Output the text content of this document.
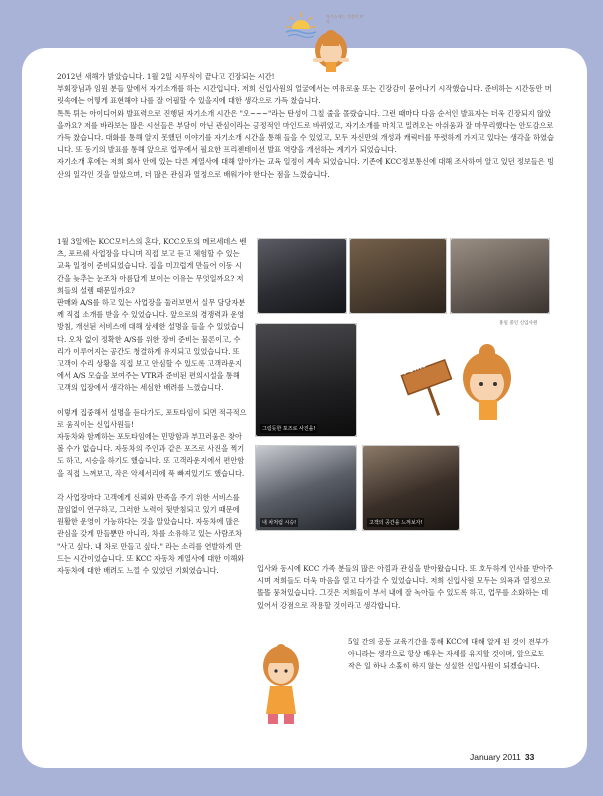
자기소개는 긴장의 연속

2012년 새해가 밝았습니다. 1월 2일 시무식이 끝나고 긴장되는 시간!

부회장님과 임원 분들 앞에서 자기소개를 하는 시간입니다. 저희 신입사원의 얼굴에서는 여유로움 또는 긴장감이 묻어나기 시작했습니다. 준비하는 시간동안 머릿속에는 어떻게 표현해야 나를 잘 어필할 수 있을지에 대한 생각으로 가득 찼습니다.

톡톡 튀는 아이디어와 발표력으로 진행된 자기소개 시간은 "오~~~"라는 탄성이 그칠 줄을 몰랐습니다. 그런 때마다 다음 순서인 발표자는 더욱 긴장되지 않았을까요? 저를 바라보는 많은 시선들은 부담이 아닌 관심이라는 긍정적인 마인드로 바뀌었고, 자기소개를 마치고 밀려오는 아쉬움과 잘 마무리했다는 안도감으로 가득 찼습니다. 대화를 통해 알지 못했던 이야기를 자기소개 시간을 통해 들을 수 있었고, 모두 자신만의 개성과 캐릭터를 뚜렷하게 가지고 있다는 생각을 하였습니다. 또 동기의 발표를 통해 앞으로 업무에서 필요한 프리젠테이션 발표 역량을 개선하는 계기가 되었습니다.

자기소개 후에는 저희 회사 안에 있는 다른 계열사에 대해 알아가는 교육 일정이 계속 되었습니다. 기존에 KCC정보통신에 대해 조사하여 알고 있던 정보들은 빙산의 일각인 것을 알았으며, 더 많은 관심과 열정으로 배워가야 한다는 점을 느꼈습니다.

1월 3일에는 KCC모터스의 혼다, KCC오토의 메르세데스 벤츠, 포르쉐 사업장을 다니며 직접 보고 듣고 체험할 수 있는 교육 일정이 준비되었습니다. 집을 미끄럽게 만들어 이동 시간을 늦추는 눈조차 아름답게 보이는 이유는 무엇일까요? 저희들의 설렘 때문일까요?

판매와 A/S를 하고 있는 사업장을 둘러보면서 실무 담당자분께 직접 소개를 받을 수 있었습니다. 앞으로의 경쟁력과 운영 방침, 개선된 서비스에 대해 상세한 설명을 들을 수 있었습니다. 오차 없이 정확한 A/S를 위한 장비 준비는 물론이고, 수리가 이루어지는 공간도 청결하게 유지되고 있었습니다. 또 고객이 수리 상황을 직접 보고 안심할 수 있도록 고객라운지에서 A/S 모습을 보여주는 VTR과 준비된 편의시설을 통해 고객의 입장에서 생각하는 세심한 배려를 느꼈습니다.

이렇게 집중해서 설명을 듣다가도, 포토타임이 되면 적극적으로 움직이는 신입사원들!

자동차와 함께하는 포토타임에는 민망함과 부끄러움은 찾아볼 수가 없습니다. 자동차의 주인과 같은 포즈로 사진을 찍기도 하고, 시승을 하기도 했습니다. 또 고객라운지에서 편안함을 직접 느껴보고, 작은 악세서리에 푹 빠져있기도 했습니다.

각 사업장마다 고객에게 신뢰와 만족을 주기 위한 서비스를 끊임없이 연구하고, 그러한 노력이 뒷받침되고 있기 때문에 원활한 운영이 가능하다는 것을 알았습니다. 자동차에 많은 관심을 갖게 만들뿐만 아니라, 차를 소유하고 있는 사람조차 "사고 싶다. 내 차로 만들고 싶다." 라는 소리를 연발하게 만드는 시간이었습니다. 또 KCC 자동차 계열사에 대한 이해와 자동차에 대한 배려도 느낄 수 있었던 기회였습니다.

홍일 중인 신입사원
그럼듯한 포즈로 사진을!
Point
내 차처럼 시승!	고객의 공간을 느껴보자!

입사와 동시에 KCC 가족 분들의 많은 아낌과 관심을 받아왔습니다. 또 호두하게 인사를 받아주시며 저희들도 더욱 마음을 열고 다가갈 수 있었습니다. 저희 신입사원 모두는 의욕과 열정으로 똘똘 뭉쳐있습니다. 그것은 저희들이 부서 내에 잘 녹아들 수 있도록 하고, 업무를 소화하는 데 있어서 강점으로 작용할 것이라고 생각합니다.

5일 간의 공동 교육기간을 통해 KCC에 대해 알게 된 것이 전부가 아니라는 생각으로 항상 배우는 자세를 유지할 것이며, 앞으로도 작은 일 하나 소홀히 하지 않는 성실한 신입사원이 되겠습니다.

January 2011 33
